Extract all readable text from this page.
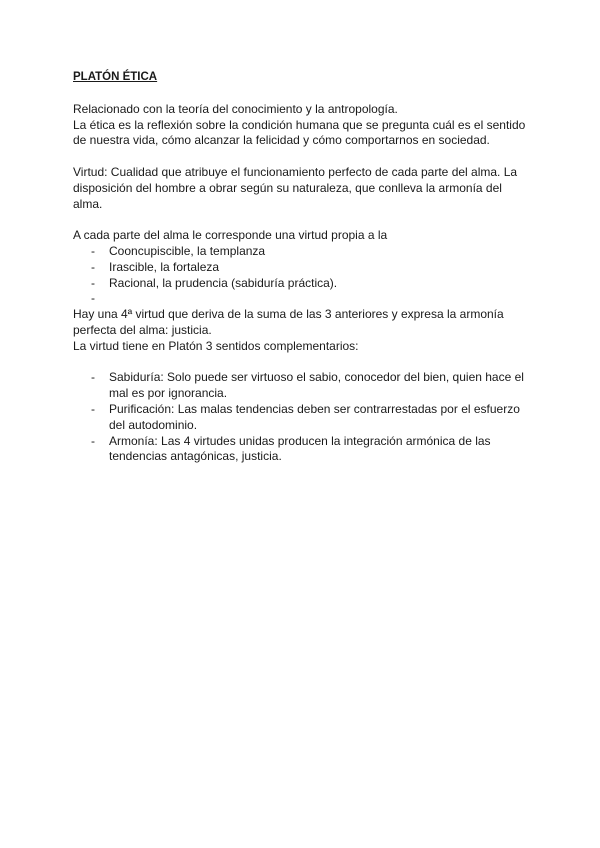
PLATÓN ÉTICA

Relacionado con la teoría del conocimiento y la antropología.

La ética es la reflexión sobre la condición humana que se pregunta cuál es el sentido de nuestra vida, cómo alcanzar la felicidad y cómo comportarnos en sociedad.

Virtud: Cualidad que atribuye el funcionamiento perfecto de cada parte del alma. La disposición del hombre a obrar según su naturaleza, que conlleva la armonía del alma.

A cada parte del alma le corresponde una virtud propia a la

- Cooncupiscible, la templanza
- Irascible, la fortaleza
- Racional, la prudencia (sabiduría práctica).
-

Hay una 4ª virtud que deriva de la suma de las 3 anteriores y expresa la armonía perfecta del alma: justicia.

La virtud tiene en Platón 3 sentidos complementarios:

- Sabiduría: Solo puede ser virtuoso el sabio, conocedor del bien, quien hace el mal es por ignorancia.
- Purificación: Las malas tendencias deben ser contrarrestadas por el esfuerzo del autodominio.
- Armonía: Las 4 virtudes unidas producen la integración armónica de las tendencias antagónicas, justicia.
